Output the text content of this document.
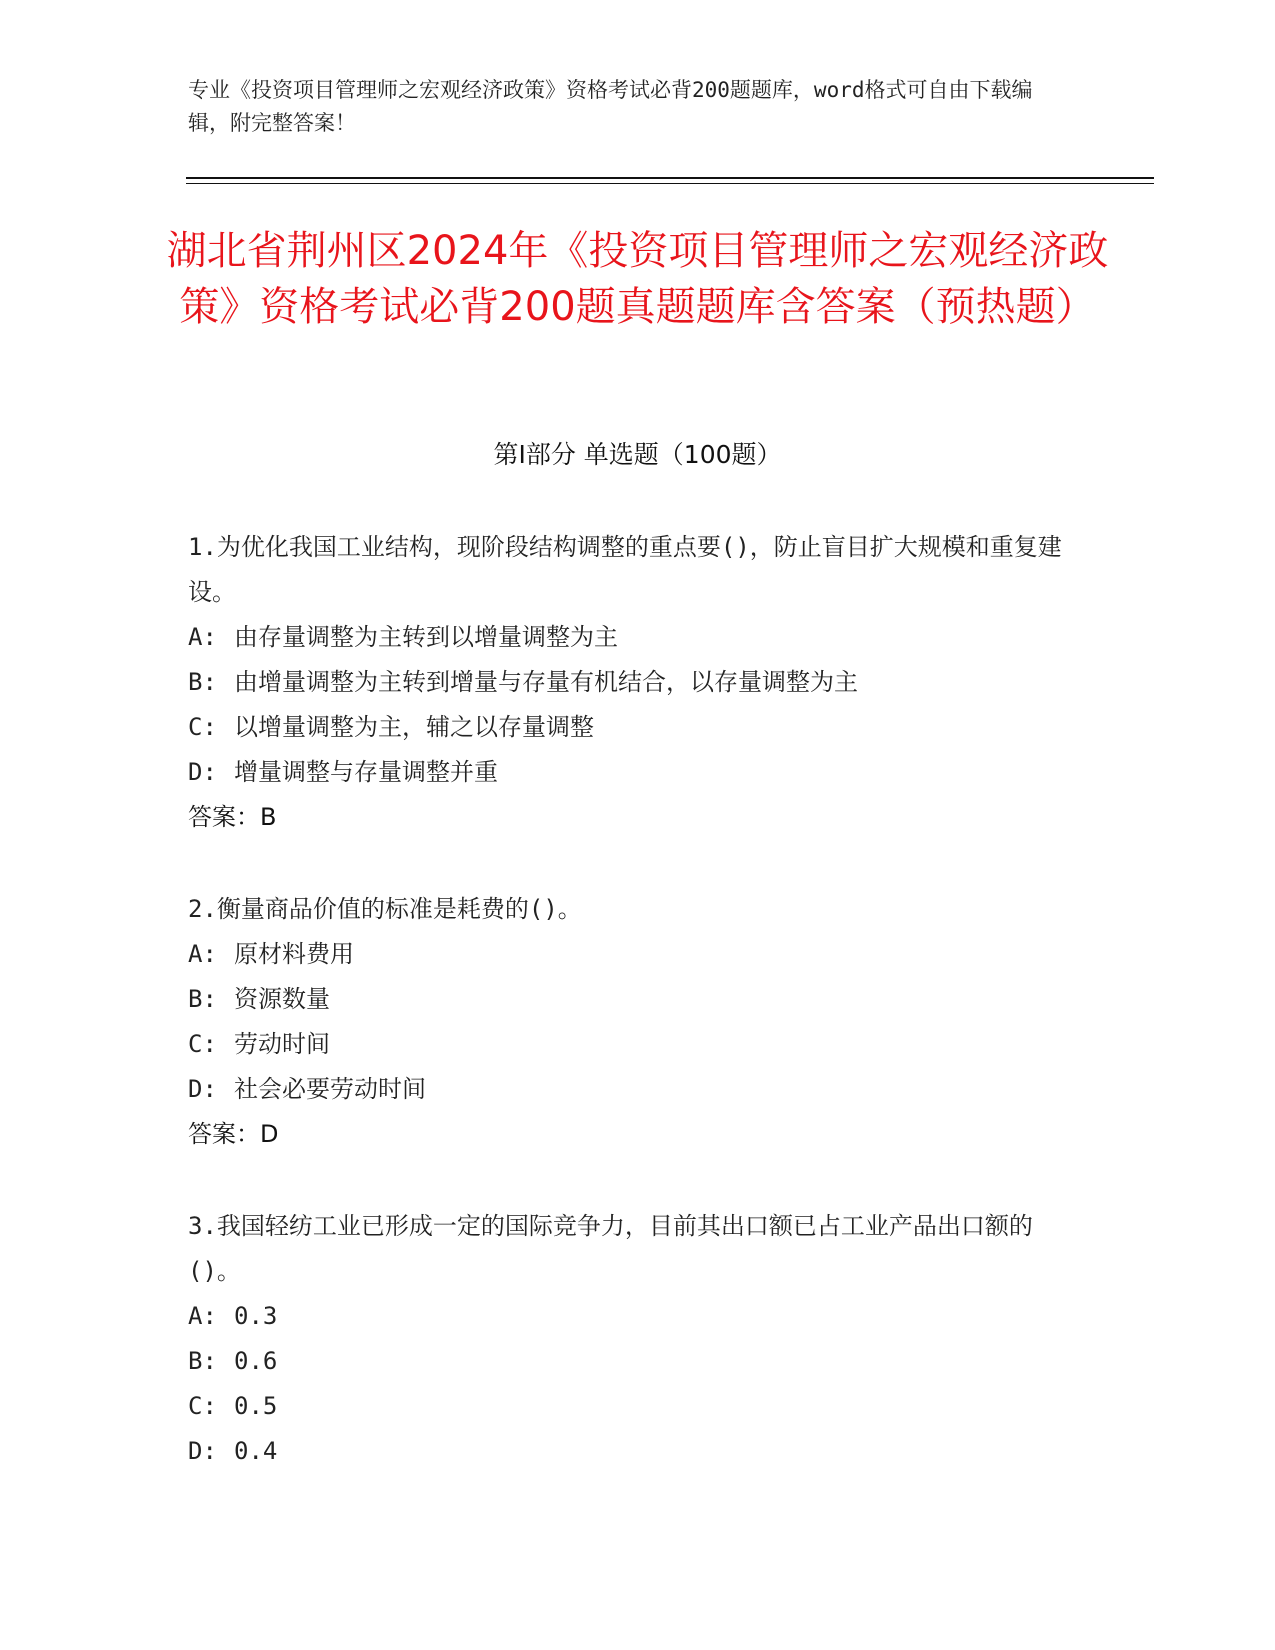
专业《投资项目管理师之宏观经济政策》资格考试必背200题题库，word格式可自由下载编辑，附完整答案！
湖北省荆州区2024年《投资项目管理师之宏观经济政策》资格考试必背200题真题题库含答案（预热题）
第Ⅰ部分 单选题（100题）

1.为优化我国工业结构，现阶段结构调整的重点要()，防止盲目扩大规模和重复建设。

A: 由存量调整为主转到以增量调整为主

B: 由增量调整为主转到增量与存量有机结合，以存量调整为主

C: 以增量调整为主，辅之以存量调整

D: 增量调整与存量调整并重

答案：B

2.衡量商品价值的标准是耗费的()。

A: 原材料费用

B: 资源数量

C: 劳动时间

D: 社会必要劳动时间

答案：D

3.我国轻纺工业已形成一定的国际竞争力，目前其出口额已占工业产品出口额的()。

A: 0.3

B: 0.6

C: 0.5

D: 0.4
